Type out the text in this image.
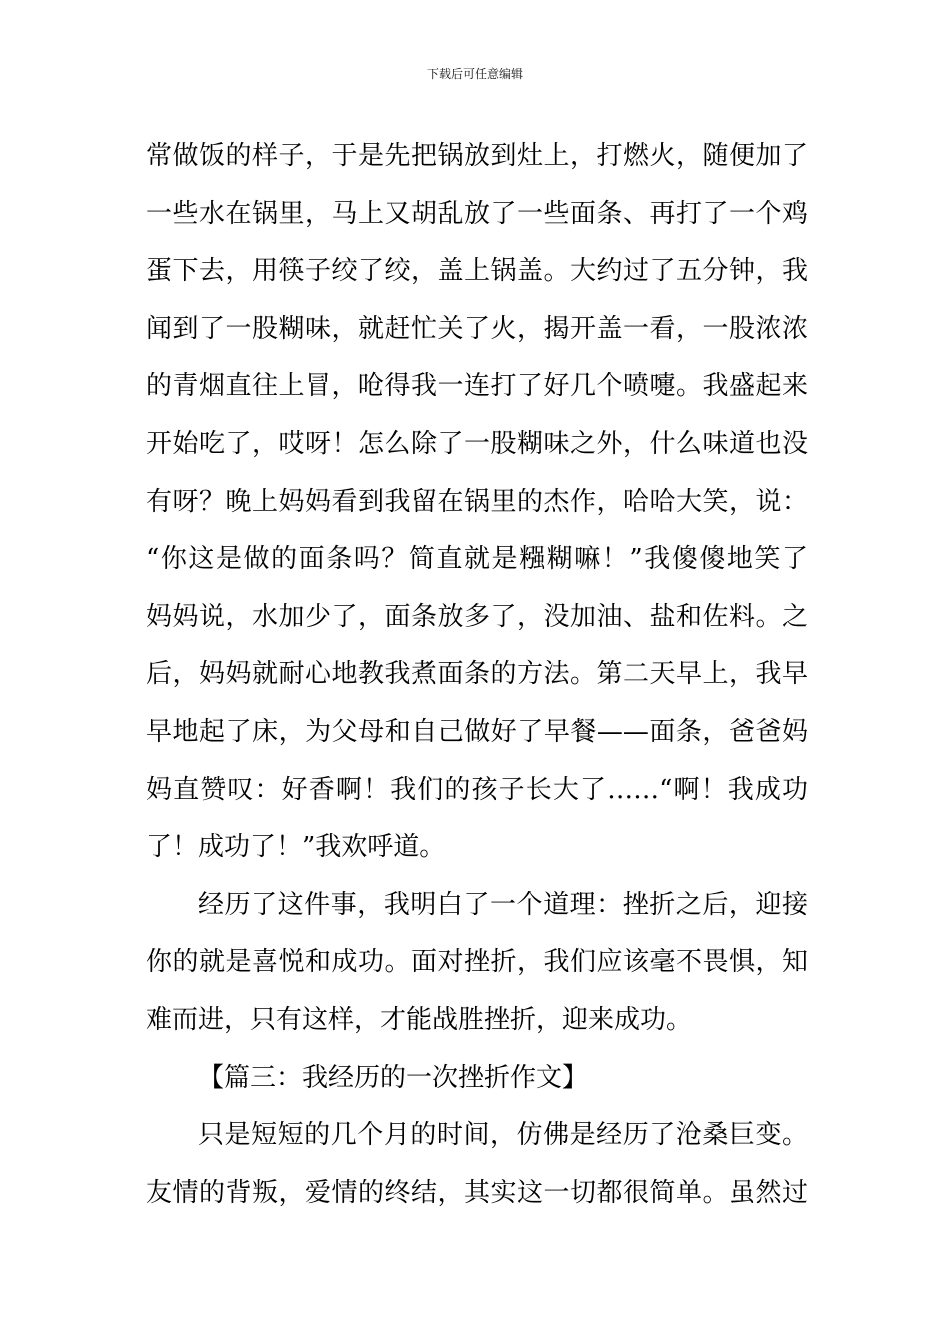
下载后可任意编辑
常做饭的样子，于是先把锅放到灶上，打燃火，随便加了
一些水在锅里，马上又胡乱放了一些面条、再打了一个鸡
蛋下去，用筷子绞了绞，盖上锅盖。大约过了五分钟，我
闻到了一股糊味，就赶忙关了火，揭开盖一看，一股浓浓
的青烟直往上冒，呛得我一连打了好几个喷嚏。我盛起来
开始吃了，哎呀！怎么除了一股糊味之外，什么味道也没
有呀？晚上妈妈看到我留在锅里的杰作，哈哈大笑，说：
“你这是做的面条吗？简直就是糨糊嘛！”我傻傻地笑了
妈妈说，水加少了，面条放多了，没加油、盐和佐料。之
后，妈妈就耐心地教我煮面条的方法。第二天早上，我早
早地起了床，为父母和自己做好了早餐——面条，爸爸妈
妈直赞叹：好香啊！我们的孩子长大了……“啊！我成功
了！成功了！”我欢呼道。
经历了这件事，我明白了一个道理：挫折之后，迎接
你的就是喜悦和成功。面对挫折，我们应该毫不畏惧，知
难而进，只有这样，才能战胜挫折，迎来成功。
【篇三：我经历的一次挫折作文】
只是短短的几个月的时间，仿佛是经历了沧桑巨变。
友情的背叛，爱情的终结，其实这一切都很简单。虽然过
